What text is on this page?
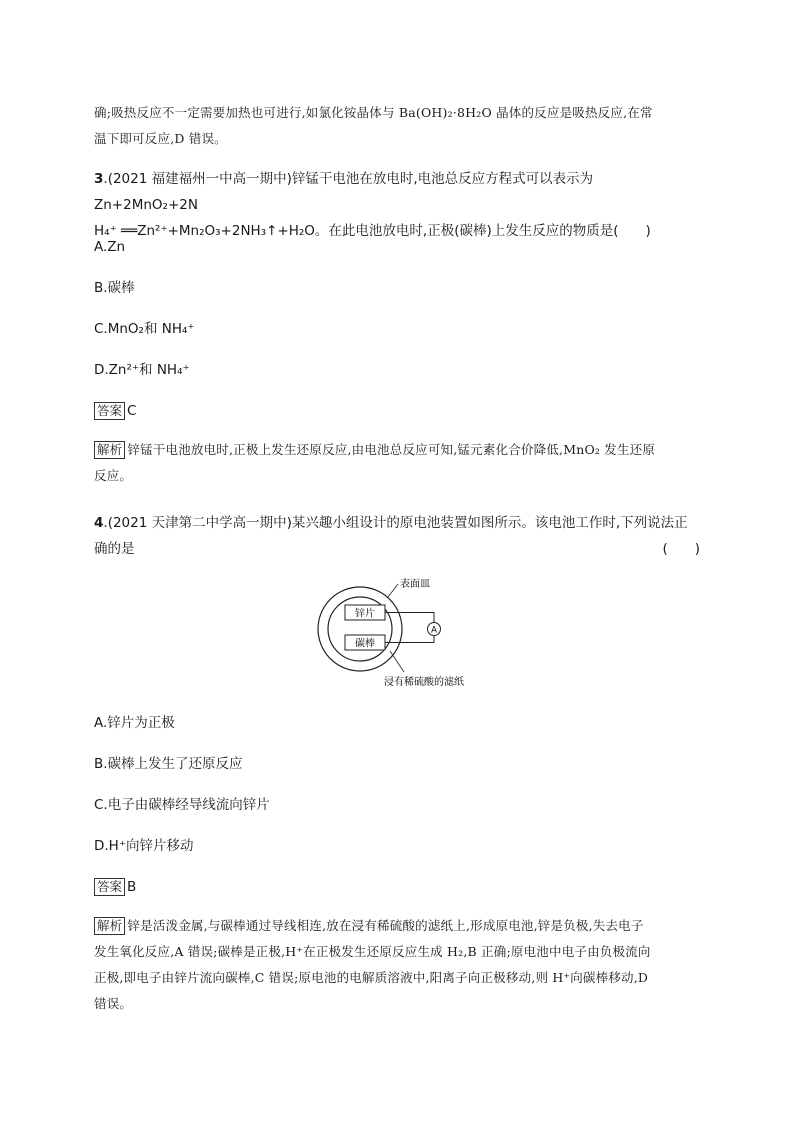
确;吸热反应不一定需要加热也可进行,如氯化铵晶体与 Ba(OH)₂·8H₂O 晶体的反应是吸热反应,在常
温下即可反应,D 错误。
3.(2021 福建福州一中高一期中)锌锰干电池在放电时,电池总反应方程式可以表示为 Zn+2MnO₂+2N
H₄⁺ ══Zn²⁺+Mn₂O₃+2NH₃↑+H₂O。在此电池放电时,正极(碳棒)上发生反应的物质是(　　)
A.Zn
B.碳棒
C.MnO₂和 NH₄⁺
D.Zn²⁺和 NH₄⁺
答案 C
解析 锌锰干电池放电时,正极上发生还原反应,由电池总反应可知,锰元素化合价降低,MnO₂ 发生还原
反应。
4.(2021 天津第二中学高一期中)某兴趣小组设计的原电池装置如图所示。该电池工作时,下列说法正
确的是	(　　)
锌片
碳棒
A
表面皿
浸有稀硫酸的滤纸
A.锌片为正极
B.碳棒上发生了还原反应
C.电子由碳棒经导线流向锌片
D.H⁺向锌片移动
答案 B
解析 锌是活泼金属,与碳棒通过导线相连,放在浸有稀硫酸的滤纸上,形成原电池,锌是负极,失去电子
发生氧化反应,A 错误;碳棒是正极,H⁺在正极发生还原反应生成 H₂,B 正确;原电池中电子由负极流向
正极,即电子由锌片流向碳棒,C 错误;原电池的电解质溶液中,阳离子向正极移动,则 H⁺向碳棒移动,D
错误。
